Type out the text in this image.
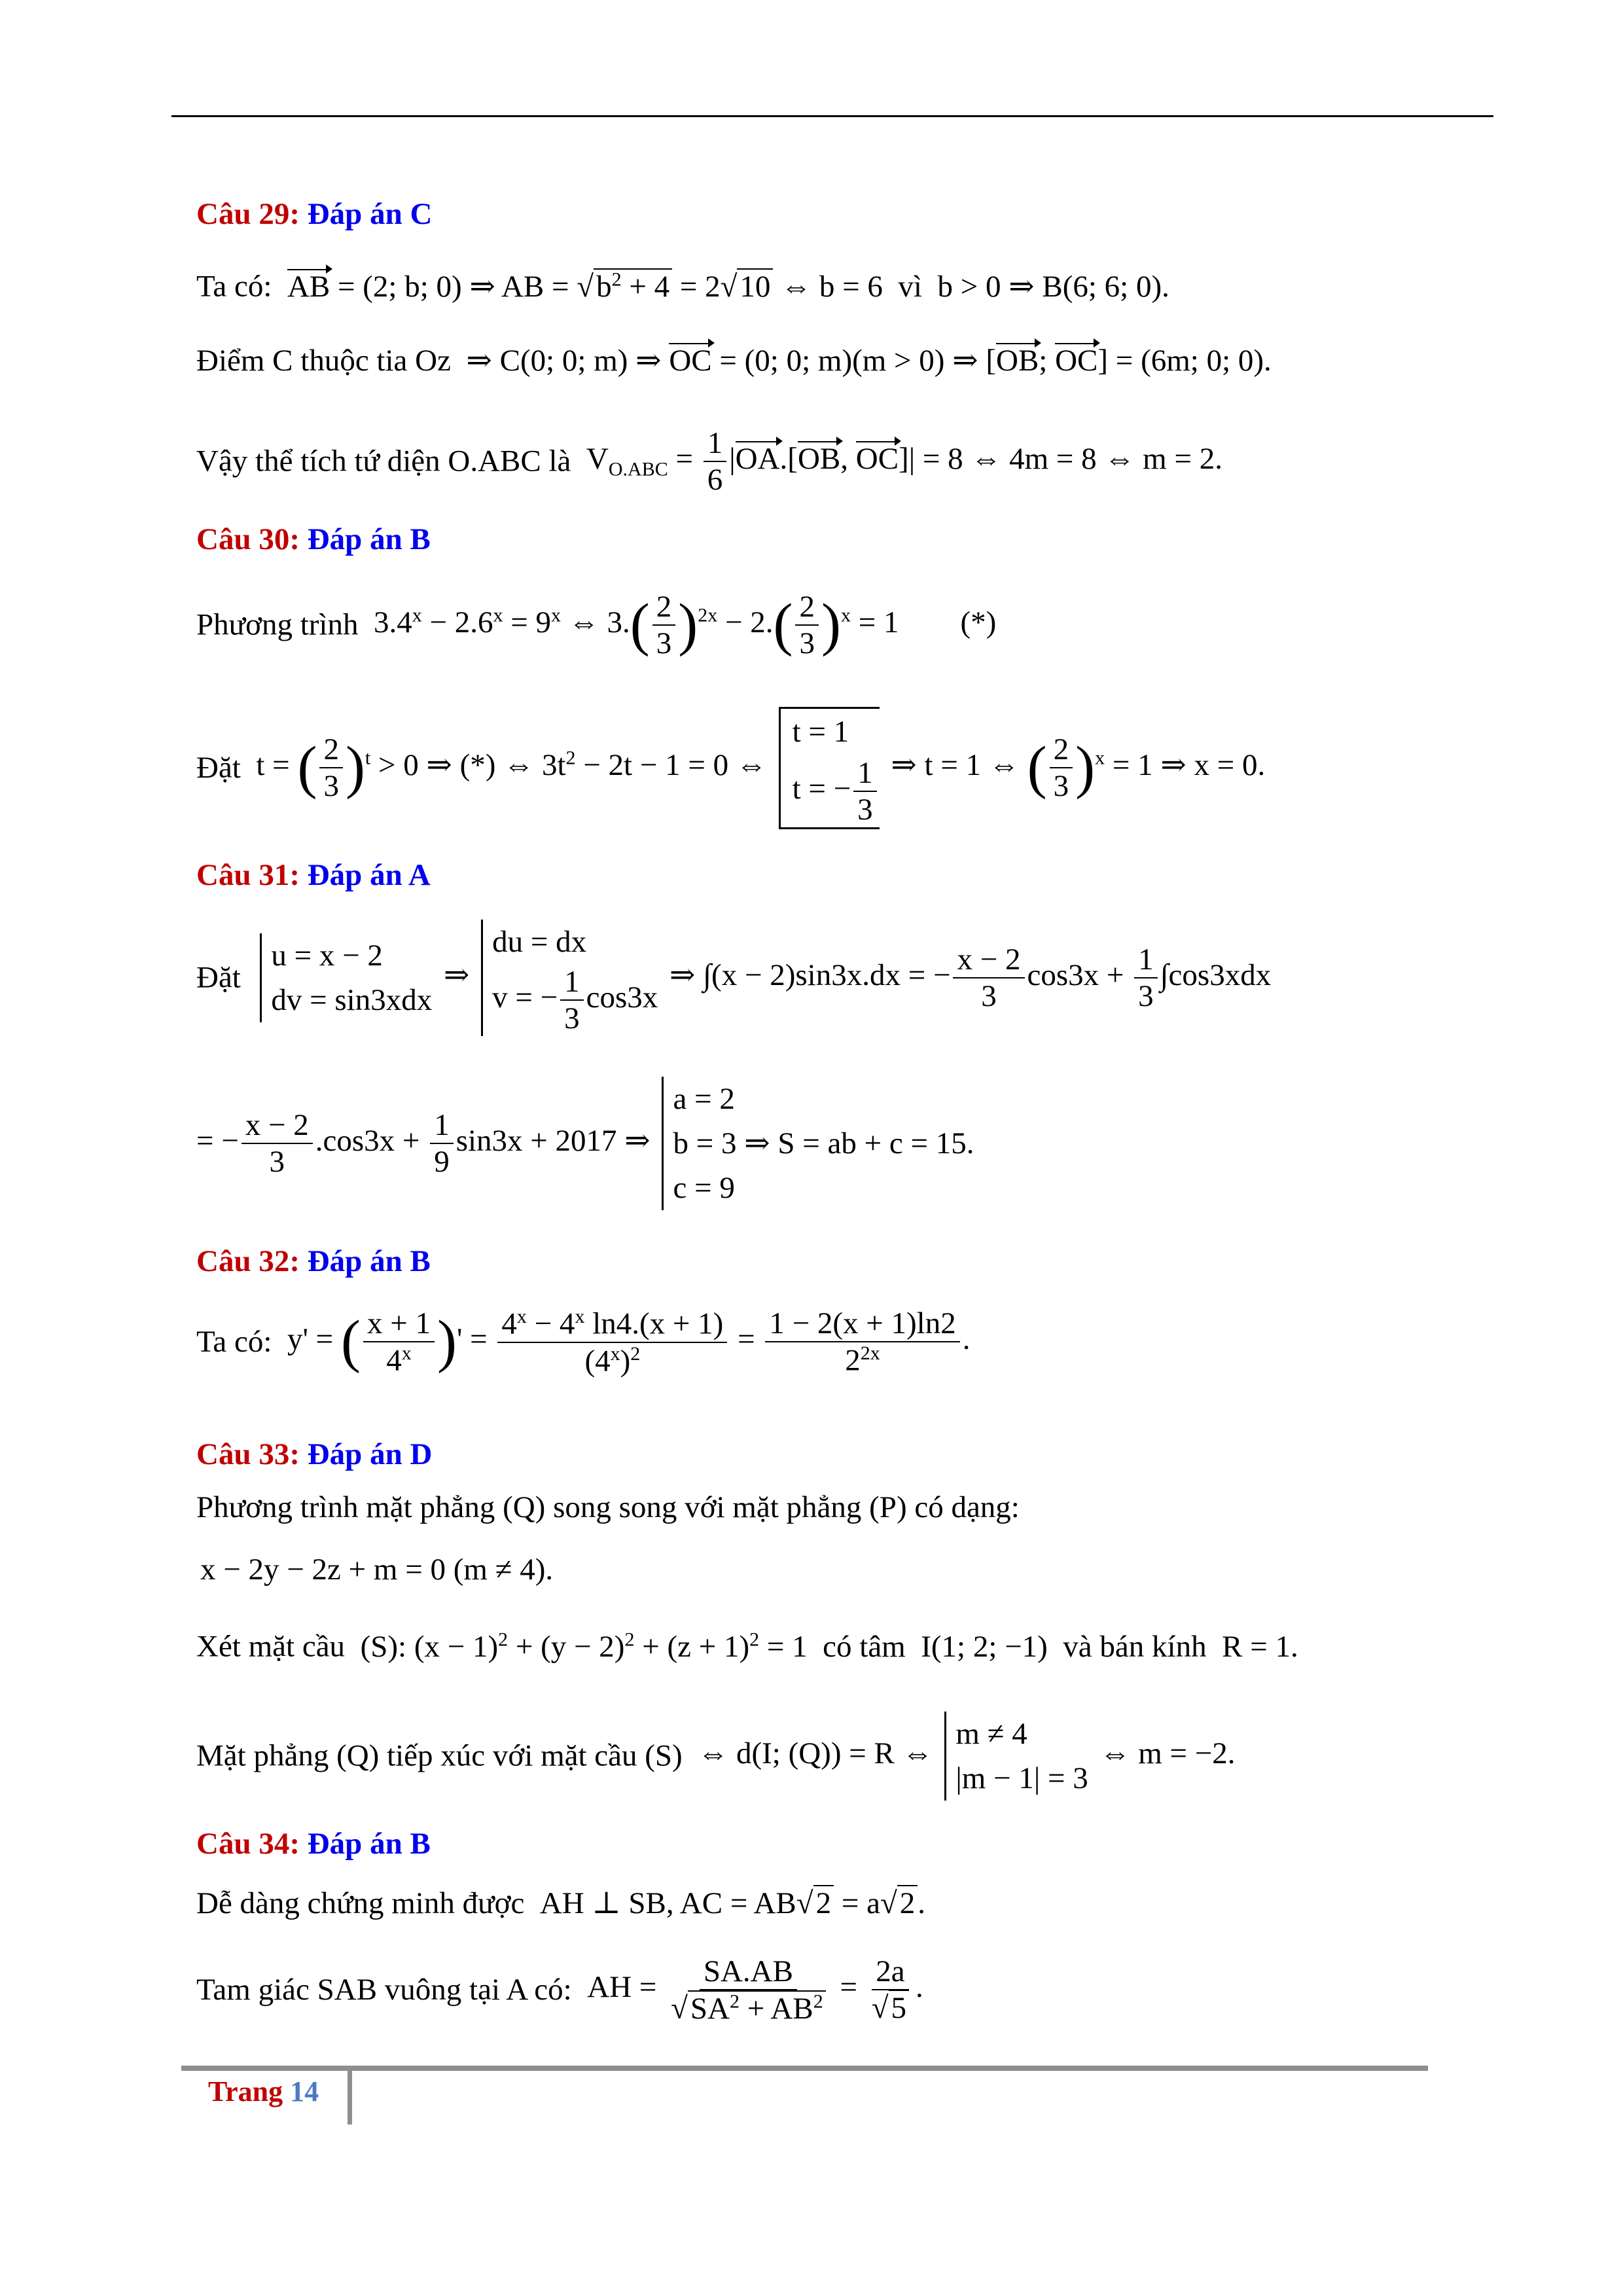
Câu 29: Đáp án C
Ta có: AB = (2; b; 0) ⇒ AB = $√b^2 + 4 = 2√10$ ⇔ b = 6  vì  b > 0 ⇒ B(6; 6; 0).
Điểm C thuộc tia Oz  ⇒ C(0; 0; m) ⇒ OC = (0; 0; m)(m > 0) ⇒ [OB; OC] = (6m; 0; 0).
Vậy thể tích tứ diện O.ABC là  $V_{O.ABC} = \frac{1}{6} |OA.[OB$, OC]| = 8 ⇔ 4m = 8 ⇔ m = 2.
Câu 30: Đáp án B
Phương trình  $3.4^x - 2.6^x = 9^x$ ⇔ $3.( \frac{2}{3} )^{2x} - 2.( \frac{2}{3} )^x = 1$        (*)
Đặt  t = ( $\frac{2}{3} )^t > 0$ ⇒ (*) ⇔ $3t^2 - 2t - 1 = 0$ ⇔
t = 1
t = − $\frac{1}{3}$ ⇒ t = 1 ⇔ ( $\frac{2}{3} )^x = 1$ ⇒ x = 0.
Câu 31: Đáp án A
Đặt
u = x − 2
dv = sin3xdx
⇒
du = dx
v = − $\frac{1}{3} \cos 3x$
⇒ ∫(x − 2)sin3x.dx = − $\frac{x - 2}{3} \cos 3x + \frac{1}{3} \int\cos 3xdx$
= − $\frac{x - 2}{3} .\cos 3x + \frac{1}{9} \sin 3x + 2017$ ⇒
a = 2
b = 3 ⇒ S = ab + c = 15.
c = 9
Câu 32: Đáp án B
Ta có:  y' = ( $\frac{x + 1}{4^x}$ )' = $\frac{4^x - 4^x \ln 4.(x + 1)}{(4^x)^2} = \frac{1 - 2(x + 1)\ln 2}{2^{2x}}$ .
Câu 33: Đáp án D
Phương trình mặt phẳng (Q) song song với mặt phẳng (P) có dạng:
x − 2y − 2z + m = 0 (m ≠ 4).
Xét mặt cầu  (S): $(x - 1)^2 + (y - 2)^2 + (z + 1)^2 = 1$  có tâm  I(1; 2; −1)  và bán kính  R = 1.
Mặt phẳng (Q) tiếp xúc với mặt cầu (S)  ⇔ d(I; (Q)) = R ⇔
m ≠ 4
|m − 1| = 3
⇔ m = −2.
Câu 34: Đáp án B
Dễ dàng chứng minh được  AH ⊥ SB, AC = AB√2 = a√2.
Tam giác SAB vuông tại A có:  AH = $\frac{SA.AB}{√SA^2 + AB^2} = \frac{2a}{√5}$ .
Trang 14
